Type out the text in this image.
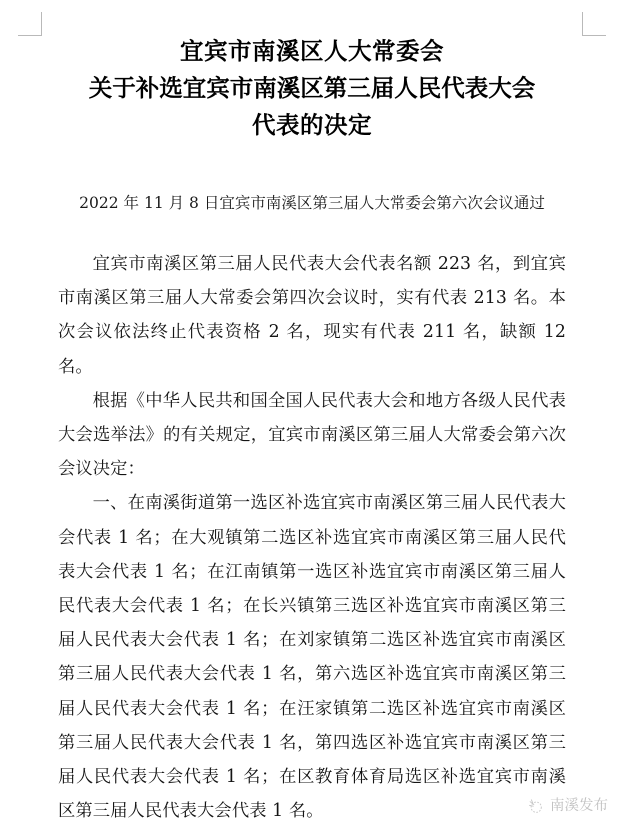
宜宾市南溪区人大常委会
关于补选宜宾市南溪区第三届人民代表大会
代表的决定

2022 年 11 月 8 日宜宾市南溪区第三届人大常委会第六次会议通过

宜宾市南溪区第三届人民代表大会代表名额 223 名，到宜宾市南溪区第三届人大常委会第四次会议时，实有代表 213 名。本次会议依法终止代表资格 2 名，现实有代表 211 名，缺额 12 名。

根据《中华人民共和国全国人民代表大会和地方各级人民代表大会选举法》的有关规定，宜宾市南溪区第三届人大常委会第六次会议决定：

一、在南溪街道第一选区补选宜宾市南溪区第三届人民代表大会代表 1 名；在大观镇第二选区补选宜宾市南溪区第三届人民代表大会代表 1 名；在江南镇第一选区补选宜宾市南溪区第三届人民代表大会代表 1 名；在长兴镇第三选区补选宜宾市南溪区第三届人民代表大会代表 1 名；在刘家镇第二选区补选宜宾市南溪区第三届人民代表大会代表 1 名，第六选区补选宜宾市南溪区第三届人民代表大会代表 1 名；在汪家镇第二选区补选宜宾市南溪区第三届人民代表大会代表 1 名，第四选区补选宜宾市南溪区第三届人民代表大会代表 1 名；在区教育体育局选区补选宜宾市南溪区第三届人民代表大会代表 1 名。	南溪发布
